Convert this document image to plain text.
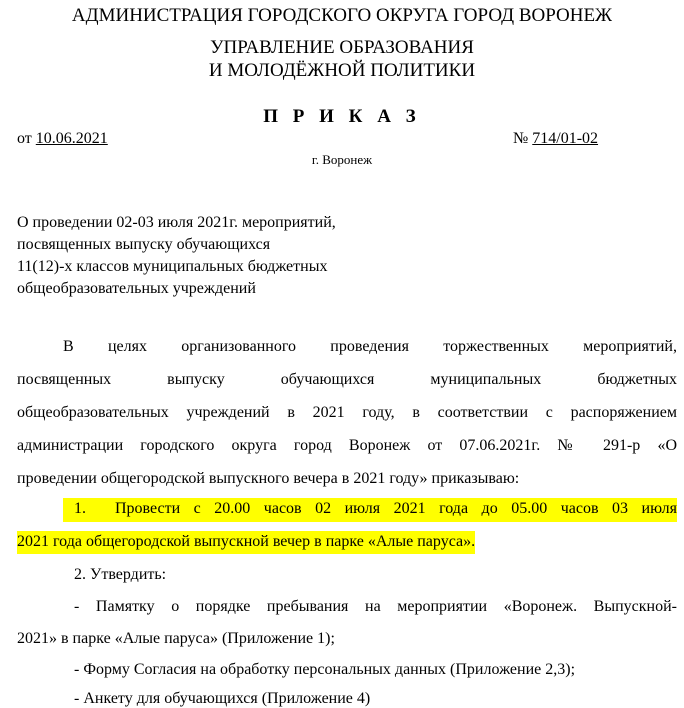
АДМИНИСТРАЦИЯ ГОРОДСКОГО ОКРУГА ГОРОД ВОРОНЕЖ
УПРАВЛЕНИЕ ОБРАЗОВАНИЯ
И МОЛОДЁЖНОЙ ПОЛИТИКИ
П Р И К А З
от 10.06.2021	№ 714/01-02
г. Воронеж
О проведении 02-03 июля 2021г. мероприятий,
посвященных выпуску обучающихся
11(12)-х классов муниципальных бюджетных
общеобразовательных учреждений
В целях организованного проведения торжественных мероприятий,
посвященных выпуску обучающихся муниципальных бюджетных
общеобразовательных учреждений в 2021 году, в соответствии с распоряжением
администрации городского округа город Воронеж от 07.06.2021г. № 291-р «О
проведении общегородской выпускного вечера в 2021 году» приказываю:
1. Провести с 20.00 часов 02 июля 2021 года до 05.00 часов 03 июля
2021 года общегородской выпускной вечер в парке «Алые паруса».
2. Утвердить:
- Памятку о порядке пребывания на мероприятии «Воронеж. Выпускной-
2021» в парке «Алые паруса» (Приложение 1);
- Форму Согласия на обработку персональных данных (Приложение 2,3);
- Анкету для обучающихся (Приложение 4)
